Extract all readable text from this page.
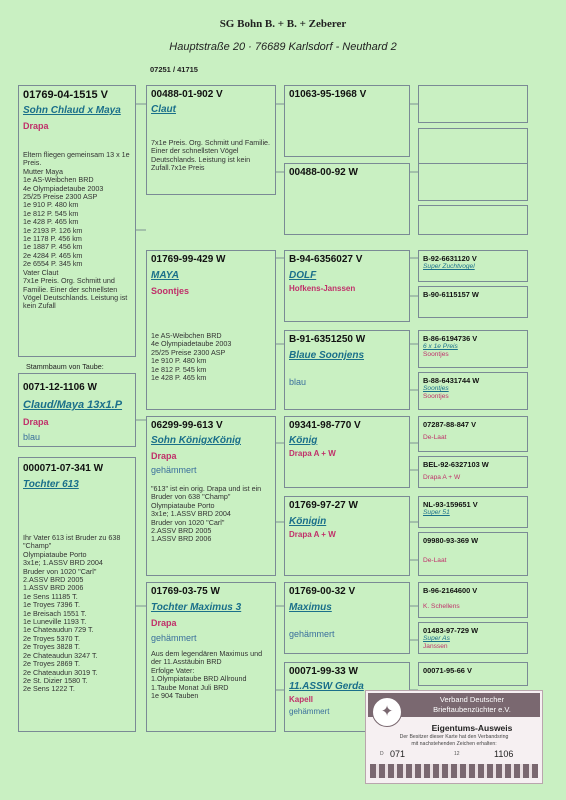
SG Bohn B. + B. + Zeberer
Hauptstraße 20 · 76689 Karlsdorf - Neuthard 2
07251 / 41715
01769-04-1515 V
Sohn Chlaud x Maya
Drapa
Eltern fliegen gemeinsam 13 x 1e Preis.
Mutter Maya
1e AS-Weibchen BRD
4e Olympiadetaube 2003
25/25 Preise 2300 ASP
1e 910 P. 480 km
1e 812 P. 545 km
1e 428 P. 465 km
1e 2193 P. 126 km
1e 1178 P. 456 km
1e 1887 P. 456 km
2e 4284 P. 465 km
2e 6554 P. 345 km
Vater Claut
7x1e Preis. Org. Schmitt und Familie. Einer der schnellsten Vögel Deutschlands. Leistung ist kein Zufall
Stammbaum von Taube:
0071-12-1106 W
Claud/Maya 13x1.P
Drapa
blau
000071-07-341 W
Tochter 613
Ihr Vater 613 ist Bruder zu 638 "Champ"
Olympiataube Porto
3x1e; 1.ASSV BRD 2004
Bruder von 1020 "Carl"
2.ASSV BRD 2005
1.ASSV BRD 2006
1e Sens 11185 T.
1e Troyes 7396 T.
1e Breisach 1551 T.
1e Luneville 1193 T.
1e Chateaudun 729 T.
2e Troyes 5370 T.
2e Troyes 3828 T.
2e Chateaudun 3247 T.
2e Troyes 2869 T.
2e Chateaudun 3019 T.
2e St. Dizier 1580 T.
2e Sens 1222 T.
00488-01-902 V
Claut
7x1e Preis. Org. Schmitt und Familie. Einer der schnellsten Vögel Deutschlands. Leistung ist kein Zufall.7x1e Preis
01769-99-429 W
MAYA
Soontjes
1e AS-Weibchen BRD
4e Olympiadetaube 2003
25/25 Preise 2300 ASP
1e 910 P. 480 km
1e 812 P. 545 km
1e 428 P. 465 km
06299-99-613 V
Sohn KönigxKönig
Drapa
gehämmert
"613" ist ein orig. Drapa und ist ein Bruder von 638 "Champ"
Olympiataube Porto
3x1e; 1.ASSV BRD 2004
Bruder von 1020 "Carl"
2.ASSV BRD 2005
1.ASSV BRD 2006
01769-03-75 W
Tochter Maximus 3
Drapa
gehämmert
Aus dem legendären Maximus und der 11.Asstäubin BRD
Erfolge Vater:
1.Olympiataube BRD Allround
1.Taube Monat Juli BRD
1e 904 Tauben
01063-95-1968 V
00488-00-92 W
B-94-6356027 V
DOLF
Hofkens-Janssen
B-91-6351250 W
Blaue Soonjens
blau
09341-98-770 V
König
Drapa A + W
01769-97-27 W
Königin
Drapa A + W
01769-00-32 V
Maximus
gehämmert
00071-99-33 W
11.ASSW Gerda
Kapell
gehämmert
B-92-6631120 V
Super Zuchtvogel
B-90-6115157 W
B-86-6194736 V
6 x 1e Preis
Soontjes
B-88-6431744 W
Soontjes
Soontjes
07287-88-847 V
De-Laat
BEL-92-6327103 W
Drapa A + W
NL-93-159651 V
Super 51
09980-93-369 W
De-Laat
B-96-2164600 V
K. Schellens
01483-97-729 W
Super As
Janssen
00071-95-66 V
✦
Verband Deutscher
Brieftaubenzüchter e.V.
Eigentums-Ausweis
Der Besitzer dieser Karte hat den Verbandsring
mit nachstehenden Zeichen erhalten:
D 071	12	1106
